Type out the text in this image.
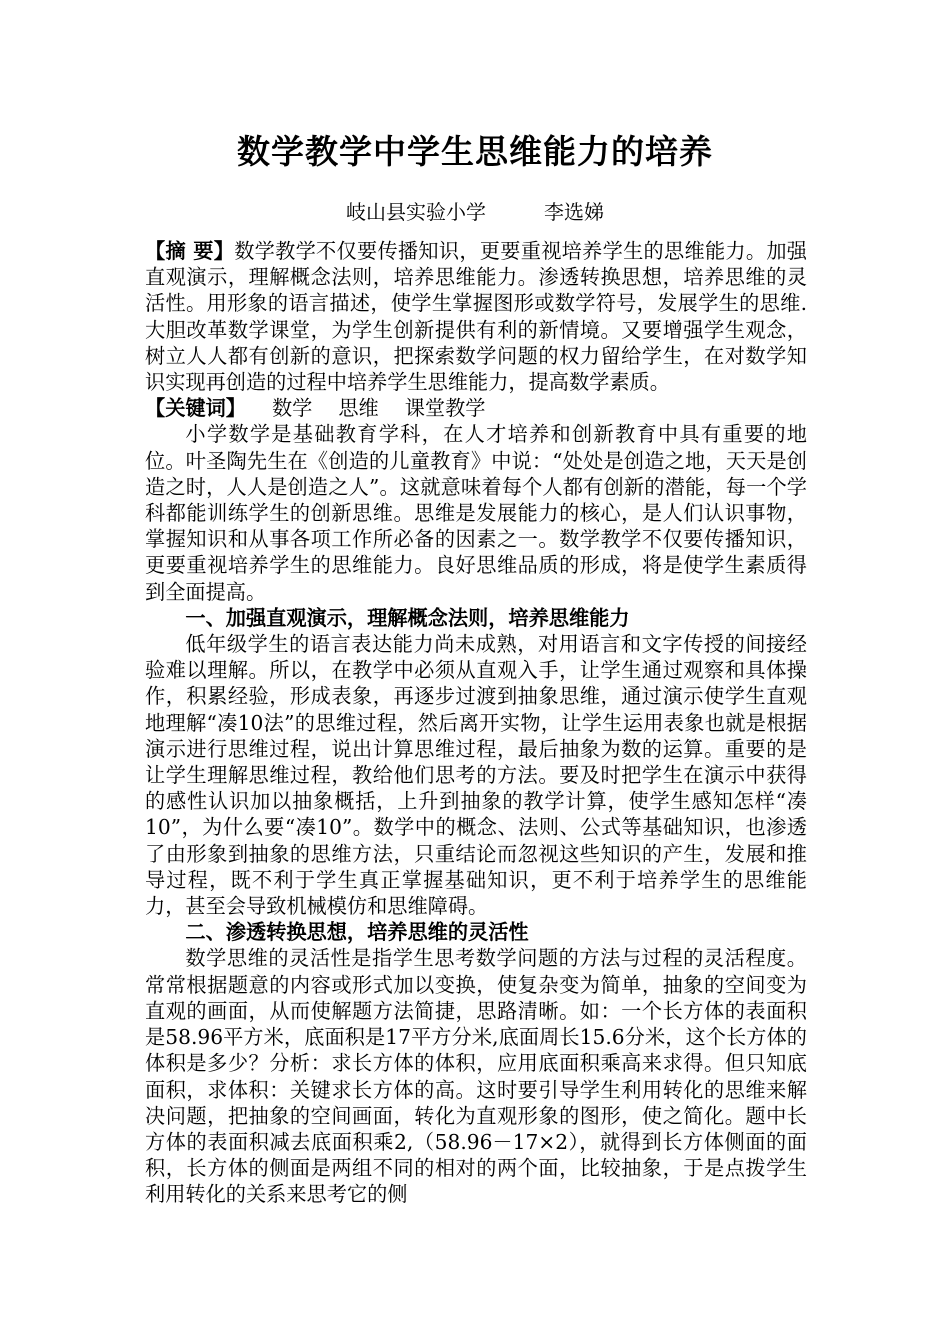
数学教学中学生思维能力的培养
岐山县实验小学	李选娣

【摘 要】数学教学不仅要传播知识，更要重视培养学生的思维能力。加强直观演示，理解概念法则，培养思维能力。渗透转换思想，培养思维的灵活性。用形象的语言描述，使学生掌握图形或数学符号，发展学生的思维. 大胆改革数学课堂，为学生创新提供有利的新情境。又要增强学生观念，树立人人都有创新的意识，把探索数学问题的权力留给学生，在对数学知识实现再创造的过程中培养学生思维能力，提高数学素质。

【关键词】 数学 思维 课堂教学

小学数学是基础教育学科，在人才培养和创新教育中具有重要的地位。叶圣陶先生在《创造的儿童教育》中说：“处处是创造之地，天天是创造之时，人人是创造之人”。这就意味着每个人都有创新的潜能，每一个学科都能训练学生的创新思维。思维是发展能力的核心，是人们认识事物，掌握知识和从事各项工作所必备的因素之一。数学教学不仅要传播知识，更要重视培养学生的思维能力。良好思维品质的形成，将是使学生素质得到全面提高。

一、加强直观演示，理解概念法则，培养思维能力

低年级学生的语言表达能力尚未成熟，对用语言和文字传授的间接经验难以理解。所以，在教学中必须从直观入手，让学生通过观察和具体操作，积累经验，形成表象，再逐步过渡到抽象思维，通过演示使学生直观地理解“凑10法”的思维过程，然后离开实物，让学生运用表象也就是根据演示进行思维过程，说出计算思维过程，最后抽象为数的运算。重要的是让学生理解思维过程，教给他们思考的方法。要及时把学生在演示中获得的感性认识加以抽象概括，上升到抽象的教学计算，使学生感知怎样“凑10”，为什么要“凑10”。数学中的概念、法则、公式等基础知识，也渗透了由形象到抽象的思维方法，只重结论而忽视这些知识的产生，发展和推导过程，既不利于学生真正掌握基础知识，更不利于培养学生的思维能力，甚至会导致机械模仿和思维障碍。

二、渗透转换思想，培养思维的灵活性

数学思维的灵活性是指学生思考数学问题的方法与过程的灵活程度。常常根据题意的内容或形式加以变换，使复杂变为简单，抽象的空间变为直观的画面，从而使解题方法简捷，思路清晰。如：一个长方体的表面积是58.96平方米，底面积是17平方分米,底面周长15.6分米，这个长方体的体积是多少？分析：求长方体的体积，应用底面积乘高来求得。但只知底面积，求体积：关键求长方体的高。这时要引导学生利用转化的思维来解决问题，把抽象的空间画面，转化为直观形象的图形，使之简化。题中长方体的表面积减去底面积乘2,（58.96－17×2），就得到长方体侧面的面积，长方体的侧面是两组不同的相对的两个面，比较抽象，于是点拨学生利用转化的关系来思考它的侧
